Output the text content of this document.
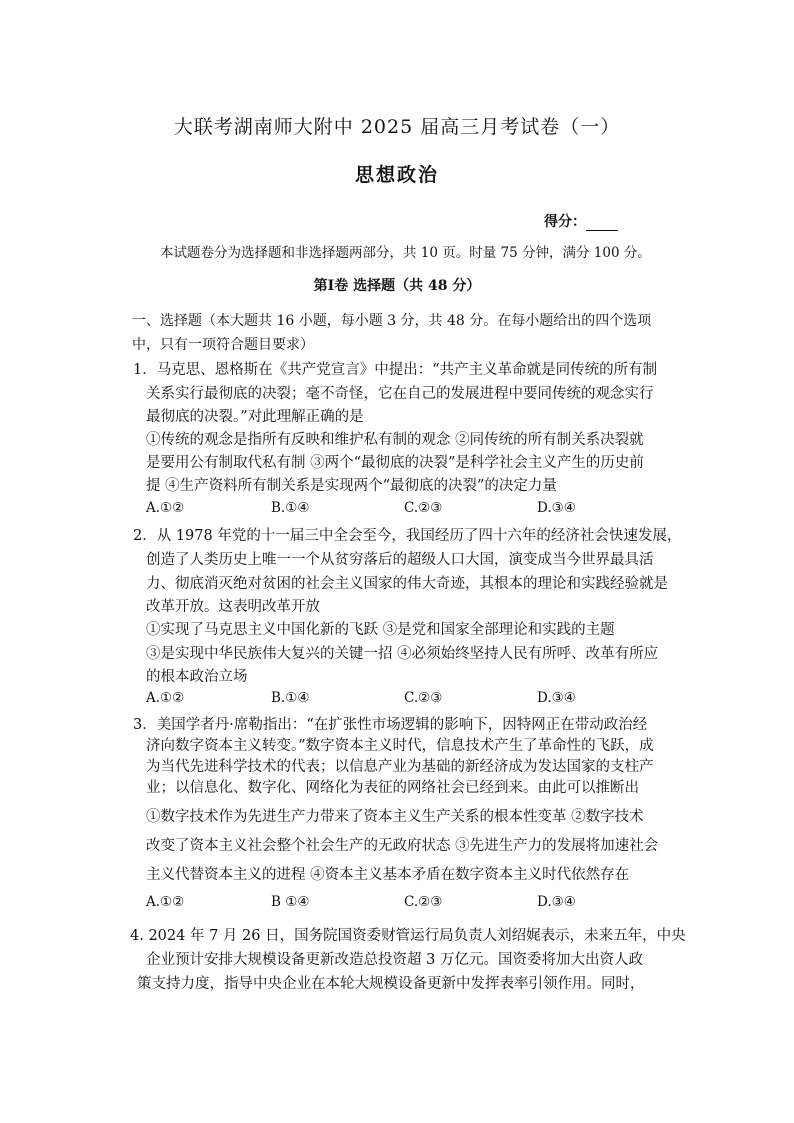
大联考湖南师大附中 2025 届高三月考试卷（一）
思想政治
得分：
本试题卷分为选择题和非选择题两部分，共 10 页。时量 75 分钟，满分 100 分。
第Ⅰ卷 选择题（共 48 分）
一、选择题（本大题共 16 小题，每小题 3 分，共 48 分。在每小题给出的四个选项
中，只有一项符合题目要求）
1．马克思、恩格斯在《共产党宣言》中提出：“共产主义革命就是同传统的所有制
关系实行最彻底的决裂；毫不奇怪，它在自己的发展进程中要同传统的观念实行
最彻底的决裂。”对此理解正确的是
①传统的观念是指所有反映和维护私有制的观念 ②同传统的所有制关系决裂就
是要用公有制取代私有制 ③两个“最彻底的决裂”是科学社会主义产生的历史前
提 ④生产资料所有制关系是实现两个“最彻底的决裂”的决定力量
A.①②	B.①④	C.②③	D.③④
2．从 1978 年党的十一届三中全会至今，我国经历了四十六年的经济社会快速发展，
创造了人类历史上唯一一个从贫穷落后的超级人口大国，演变成当今世界最具活
力、彻底消灭绝对贫困的社会主义国家的伟大奇迹，其根本的理论和实践经验就是
改革开放。这表明改革开放
①实现了马克思主义中国化新的飞跃 ③是党和国家全部理论和实践的主题
③是实现中华民族伟大复兴的关键一招 ④必须始终坚持人民有所呼、改革有所应
的根本政治立场
A.①②	B.①④	C.②③	D.③④
3．美国学者丹·席勒指出：“在扩张性市场逻辑的影响下，因特网正在带动政治经
济向数字资本主义转变。”数字资本主义时代，信息技术产生了革命性的飞跃，成
为当代先进科学技术的代表；以信息产业为基础的新经济成为发达国家的支柱产
业；以信息化、数字化、网络化为表征的网络社会已经到来。由此可以推断出
①数字技术作为先进生产力带来了资本主义生产关系的根本性变革 ②数字技术
改变了资本主义社会整个社会生产的无政府状态 ③先进生产力的发展将加速社会
主义代替资本主义的进程 ④资本主义基本矛盾在数字资本主义时代依然存在
A.①②	B ①④	C.②③	D.③④
4. 2024 年 7 月 26 日，国务院国资委财管运行局负责人刘绍娓表示，未来五年，中央
企业预计安排大规模设备更新改造总投资超 3 万亿元。国资委将加大出资人政
策支持力度，指导中央企业在本轮大规模设备更新中发挥表率引领作用。同时，
